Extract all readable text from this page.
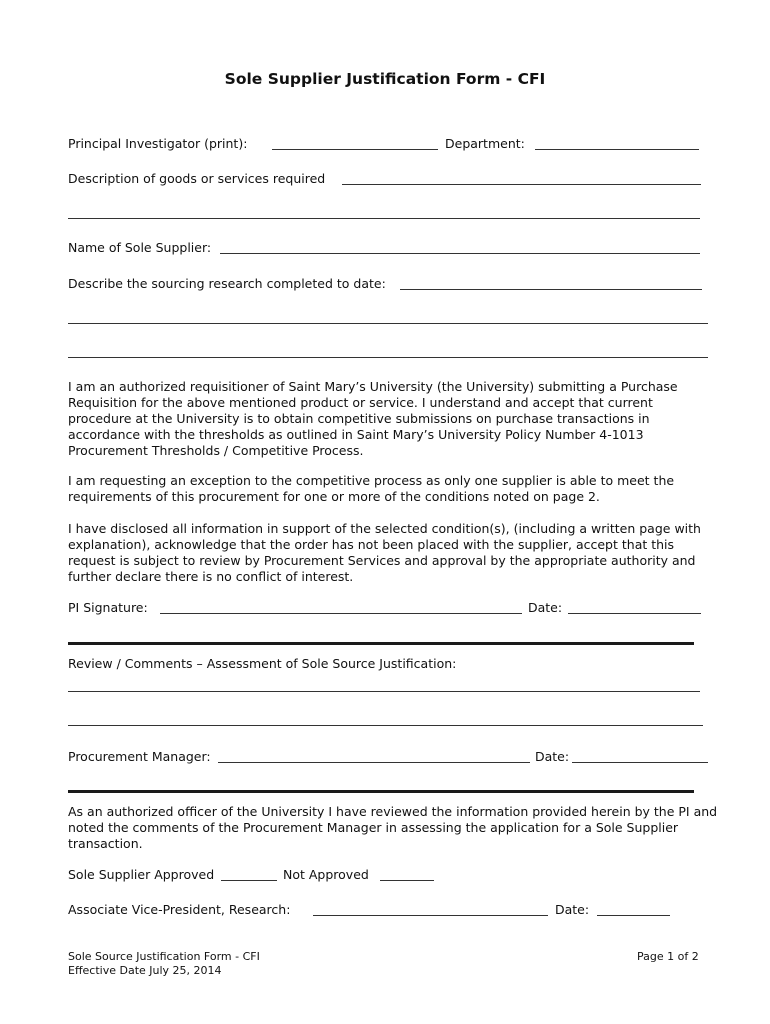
Sole Supplier Justification Form - CFI
Principal Investigator (print):	Department:
Description of goods or services required
Name of Sole Supplier:
Describe the sourcing research completed to date:
I am an authorized requisitioner of Saint Mary’s University (the University) submitting a Purchase Requisition for the above mentioned product or service. I understand and accept that current procedure at the University is to obtain competitive submissions on purchase transactions in accordance with the thresholds as outlined in Saint Mary’s University Policy Number 4-1013 Procurement Thresholds / Competitive Process.
I am requesting an exception to the competitive process as only one supplier is able to meet the requirements of this procurement for one or more of the conditions noted on page 2.
I have disclosed all information in support of the selected condition(s), (including a written page with explanation), acknowledge that the order has not been placed with the supplier, accept that this request is subject to review by Procurement Services and approval by the appropriate authority and further declare there is no conflict of interest.
PI Signature:	Date:
Review / Comments – Assessment of Sole Source Justification:
Procurement Manager:	Date:
As an authorized officer of the University I have reviewed the information provided herein by the PI and noted the comments of the Procurement Manager in assessing the application for a Sole Supplier transaction.
Sole Supplier Approved	Not Approved
Associate Vice-President, Research:	Date:
Sole Source Justification Form - CFI
Effective Date July 25, 2014
Page 1 of 2
